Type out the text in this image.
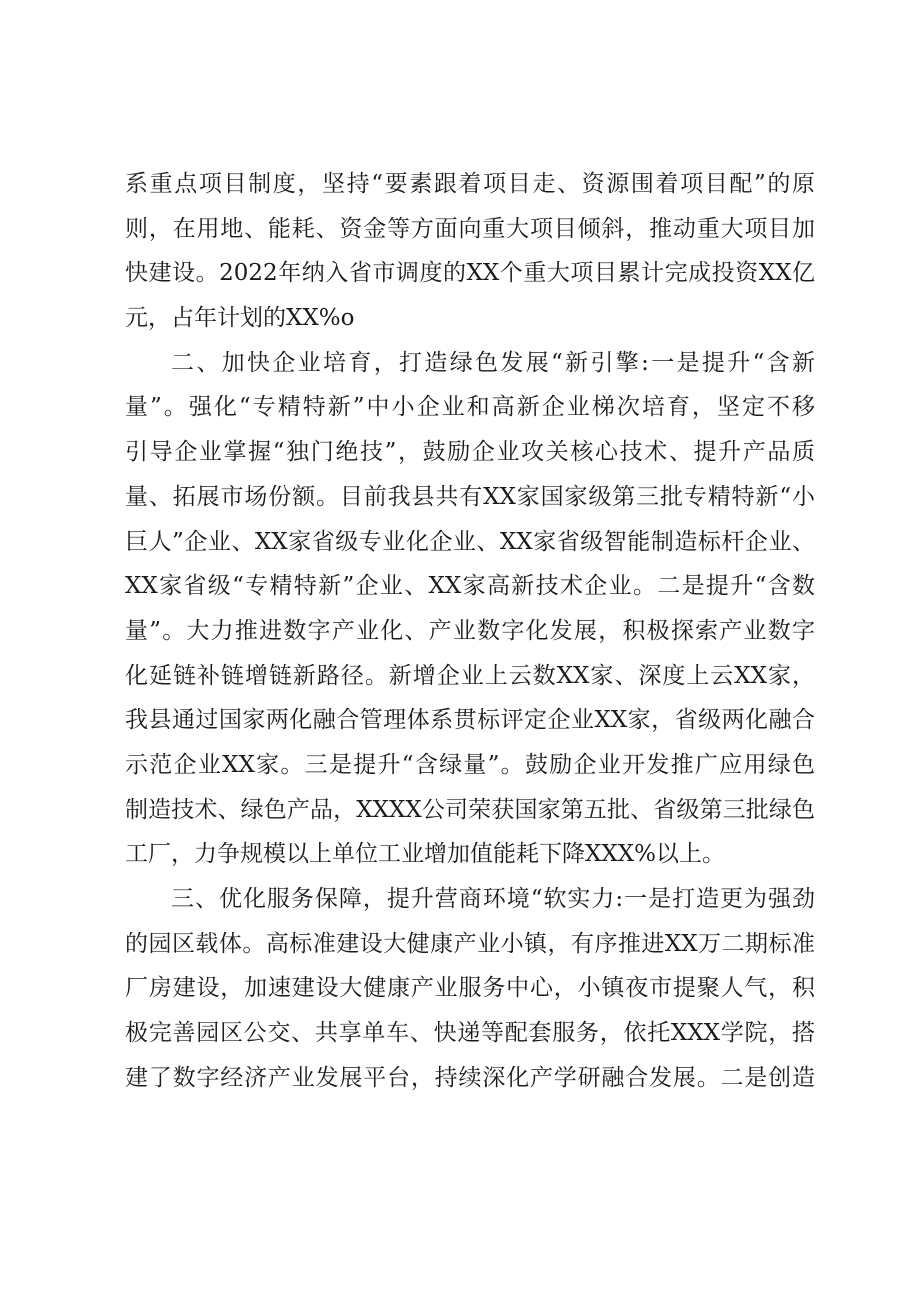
系重点项目制度，坚持“要素跟着项目走、资源围着项目配”的原
则，在用地、能耗、资金等方面向重大项目倾斜，推动重大项目加
快建设。2022年纳入省市调度的XX个重大项目累计完成投资XX亿
元，占年计划的XX%o
二、加快企业培育，打造绿色发展“新引擎:一是提升“含新
量”。强化“专精特新”中小企业和高新企业梯次培育，坚定不移
引导企业掌握“独门绝技”，鼓励企业攻关核心技术、提升产品质
量、拓展市场份额。目前我县共有XX家国家级第三批专精特新“小
巨人”企业、XX家省级专业化企业、XX家省级智能制造标杆企业、
XX家省级“专精特新”企业、XX家高新技术企业。二是提升“含数
量”。大力推进数字产业化、产业数字化发展，积极探索产业数字
化延链补链增链新路径。新增企业上云数XX家、深度上云XX家，
我县通过国家两化融合管理体系贯标评定企业XX家，省级两化融合
示范企业XX家。三是提升“含绿量”。鼓励企业开发推广应用绿色
制造技术、绿色产品，XXXX公司荣获国家第五批、省级第三批绿色
工厂，力争规模以上单位工业增加值能耗下降XXX%以上。
三、优化服务保障，提升营商环境“软实力:一是打造更为强劲
的园区载体。高标准建设大健康产业小镇，有序推进XX万二期标准
厂房建设，加速建设大健康产业服务中心，小镇夜市提聚人气，积
极完善园区公交、共享单车、快递等配套服务，依托XXX学院，搭
建了数字经济产业发展平台，持续深化产学研融合发展。二是创造
